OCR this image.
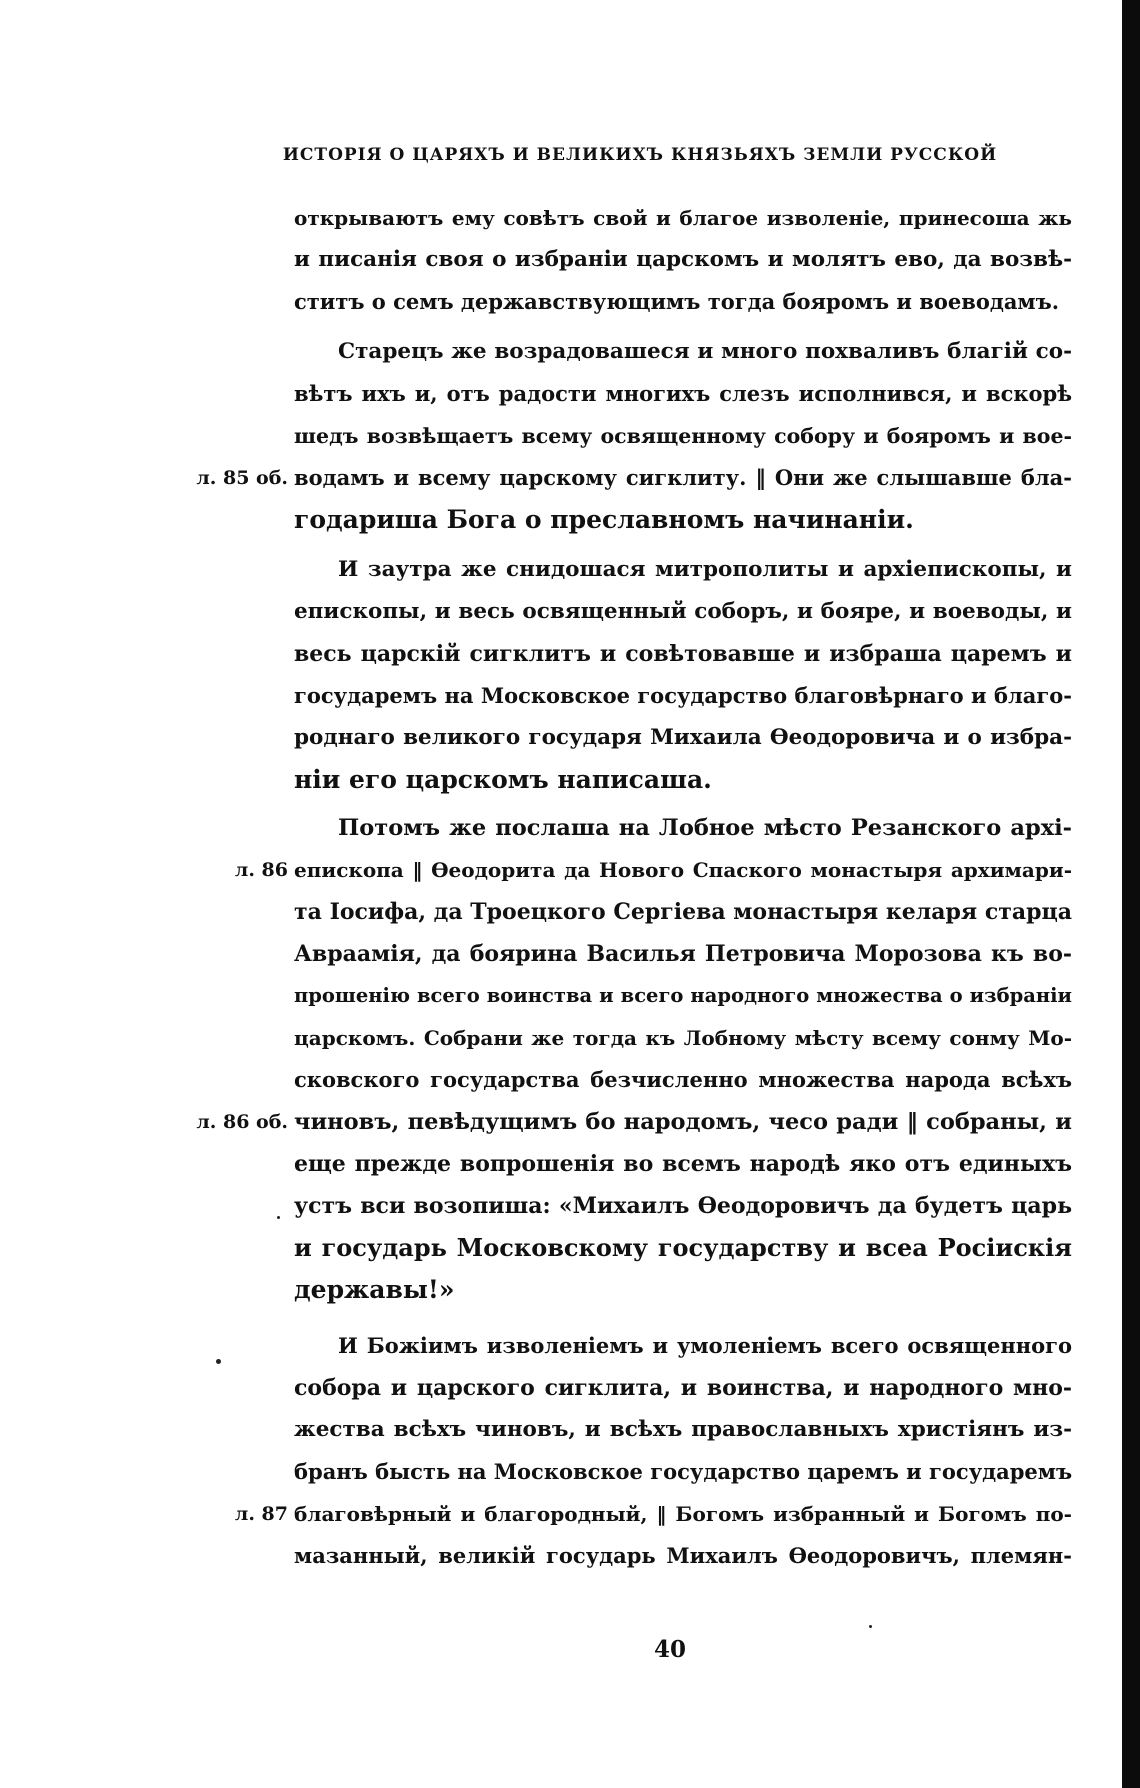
ИСТОРІЯ О ЦАРЯХЪ И ВЕЛИКИХЪ КНЯЗЬЯХЪ ЗЕМЛИ РУССКОЙ
открываютъ ему совѣтъ свой и благое изволеніе, принесоша жь
и писанія своя о избраніи царскомъ и молятъ ево, да возвѣ-
ститъ о семъ державствующимъ тогда бояромъ и воеводамъ.
Старецъ же возрадовашеся и много похваливъ благій со-
вѣтъ ихъ и, отъ радости многихъ слезъ исполнився, и вскорѣ
шедъ возвѣщаетъ всему освященному собору и бояромъ и вое-
водамъ и всему царскому сигклиту. ‖ Они же слышавше бла-
годариша Бога о преславномъ начинаніи.
И заутра же снидошася митрополиты и архіепископы, и
епископы, и весь освященный соборъ, и бояре, и воеводы, и
весь царскій сигклитъ и совѣтовавше и избраша царемъ и
государемъ на Московское государство благовѣрнаго и благо-
роднаго великого государя Михаила Ѳеодоровича и о избра-
ніи его царскомъ написаша.
Потомъ же послаша на Лобное мѣсто Резанского архі-
епископа ‖ Ѳеодорита да Нового Спаского монастыря архимари-
та Іосифа, да Троецкого Сергіева монастыря келаря старца
Авраамія, да боярина Василья Петровича Морозова къ во-
прошенію всего воинства и всего народного множества о избраніи
царскомъ. Собрани же тогда къ Лобному мѣсту всему сонму Мо-
сковского государства безчисленно множества народа всѣхъ
чиновъ, певѣдущимъ бо народомъ, чесо ради ‖ собраны, и
еще прежде вопрошенія во всемъ народѣ яко отъ единыхъ
устъ вси возопиша: «Михаилъ Ѳеодоровичъ да будетъ царь
и государь Московскому государству и всеа Росіискія
державы!»
И Божіимъ изволеніемъ и умоленіемъ всего освященного
собора и царского сигклита, и воинства, и народного мно-
жества всѣхъ чиновъ, и всѣхъ православныхъ христіянъ из-
бранъ бысть на Московское государство царемъ и государемъ
благовѣрный и благородный, ‖ Богомъ избранный и Богомъ по-
мазанный, великій государь Михаилъ Ѳеодоровичъ, племян-
л. 85 об.
л. 86
л. 86 об.
л. 87
40
